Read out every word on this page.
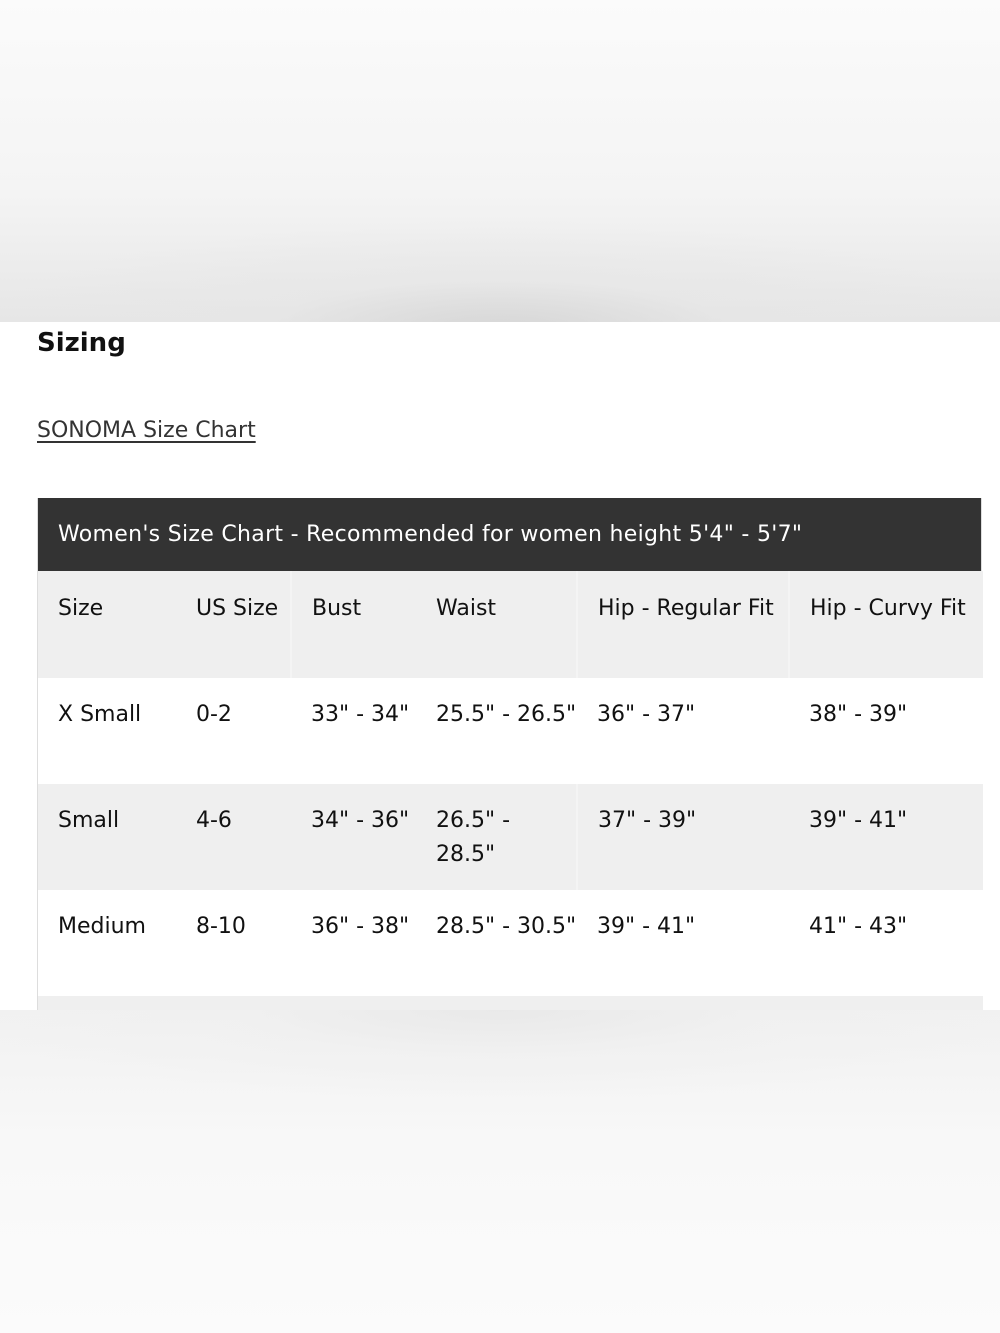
Sizing
SONOMA Size Chart
Women's Size Chart - Recommended for women height 5'4" - 5'7"
Size	US Size	Bust	Waist	Hip - Regular Fit	Hip - Curvy Fit
X Small	0-2	33" - 34"	25.5" - 26.5"	36" - 37"	38" - 39"
Small	4-6	34" - 36"	26.5" - 28.5"	37" - 39"	39" - 41"
Medium	8-10	36" - 38"	28.5" - 30.5"	39" - 41"	41" - 43"
